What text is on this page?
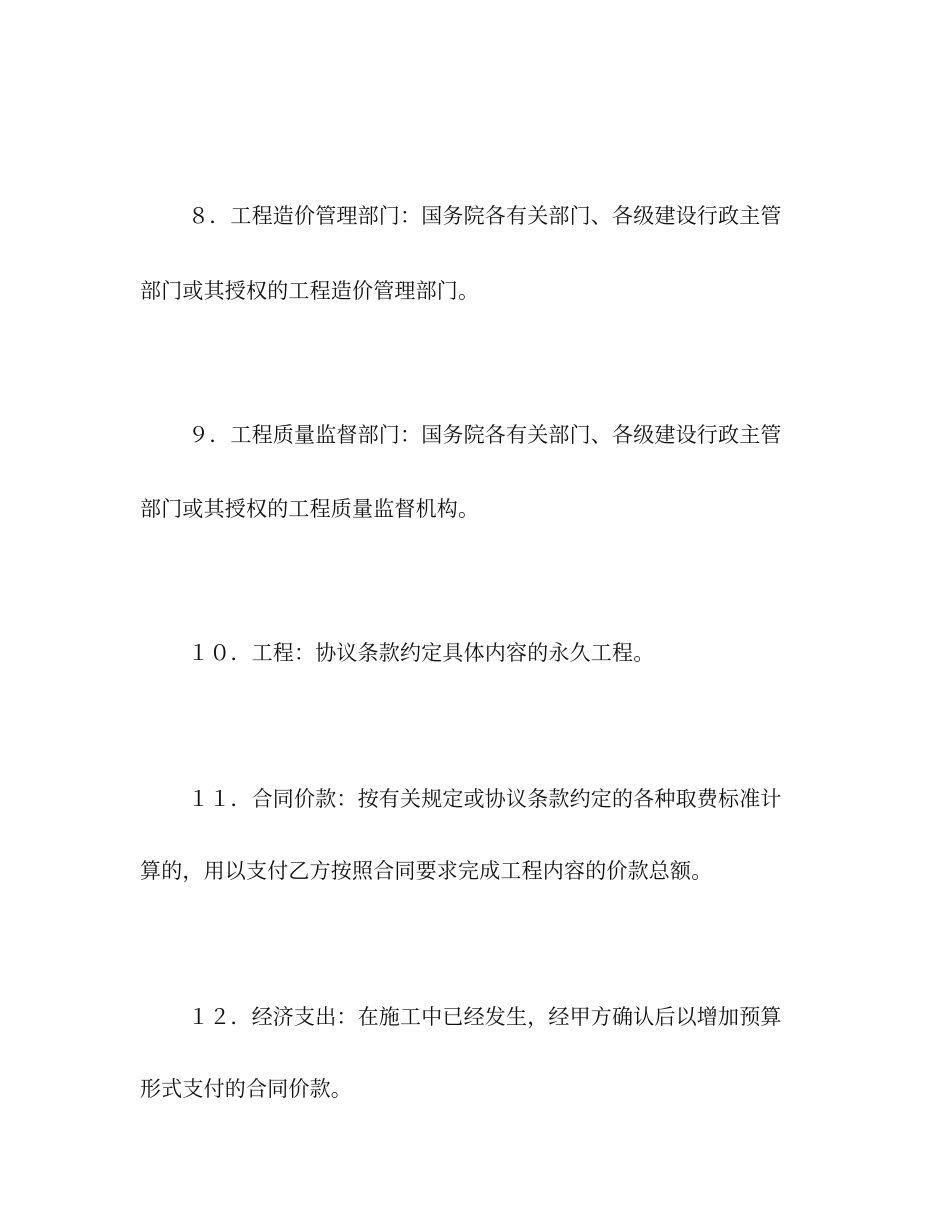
８．工程造价管理部门：国务院各有关部门、各级建设行政主管
部门或其授权的工程造价管理部门。
９．工程质量监督部门：国务院各有关部门、各级建设行政主管
部门或其授权的工程质量监督机构。
１０．工程：协议条款约定具体内容的永久工程。
１１．合同价款：按有关规定或协议条款约定的各种取费标准计
算的，用以支付乙方按照合同要求完成工程内容的价款总额。
１２．经济支出：在施工中已经发生，经甲方确认后以增加预算
形式支付的合同价款。
